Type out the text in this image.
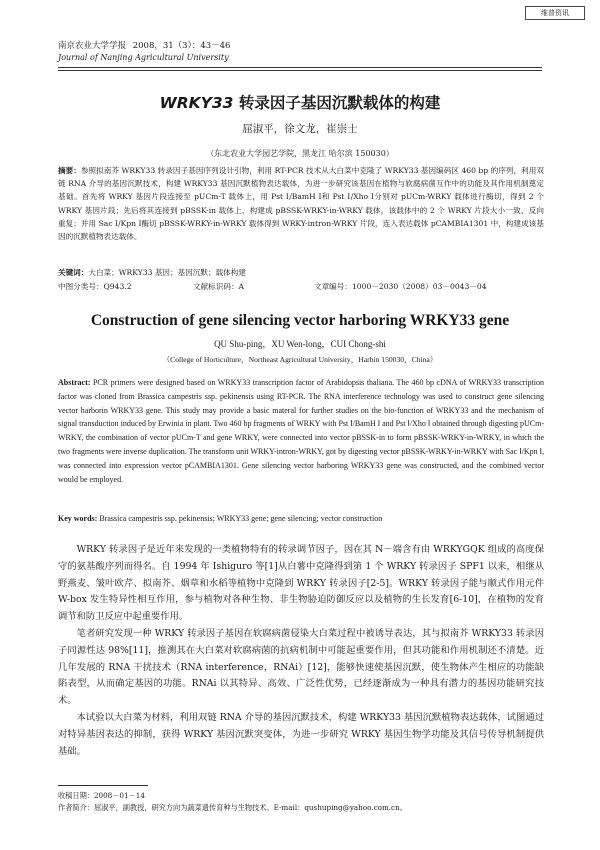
维普资讯
南京农业大学学报 2008，31（3）：43－46
Journal of Nanjing Agricultural University
WRKY33 转录因子基因沉默载体的构建
屈淑平，徐文龙，崔崇士
（东北农业大学园艺学院，黑龙江 哈尔滨 150030）
摘要：参照拟南芥 WRKY33 转录因子基因序列设计引物，利用 RT-PCR 技术从大白菜中克隆了 WRKY33 基因编码区 460 bp 的序列，利用双链 RNA 介导的基因沉默技术，构建 WRKY33 基因沉默植物表达载体，为进一步研究该基因在植物与软腐病菌互作中的功能及其作用机制奠定基础。首先将 WRKY 基因片段连接至 pUCm-T 载体上，用 Pst Ⅰ/BamH Ⅰ和 Pst Ⅰ/Xho Ⅰ分别对 pUCm-WRKY 载体进行酶切，得到 2 个 WRKY 基因片段；先后将其连接到 pBSSK-in 载体上，构建成 pBSSK-WRKY-in-WRKY 载体，该载体中的 2 个 WRKY 片段大小一致、反向重复；并用 Sac Ⅰ/Kpn Ⅰ酶切 pBSSK-WRKY-in-WRKY 载体得到 WRKY-intron-WRKY 片段，连入表达载体 pCAMBIA1301 中，构建成该基因的沉默植物表达载体。
关键词：大白菜；WRKY33 基因；基因沉默；载体构建
中图分类号：Q943.2	文献标识码：A	文章编号：1000－2030（2008）03－0043－04
Construction of gene silencing vector harboring WRKY33 gene
QU Shu-ping，XU Wen-long，CUI Chong-shi
（College of Horticulture，Northeast Agricultural University，Harbin 150030，China）
Abstract: PCR primers were designed based on WRKY33 transcription factor of Arabidopsis thaliana. The 460 bp cDNA of WRKY33 transcription factor was cloned from Brassica campestris ssp. pekinensis using RT-PCR. The RNA interference technology was used to construct gene silencing vector harborin WRKY33 gene. This study may provide a basic materal for further studies on the bio-function of WRKY33 and the mechanism of signal transduction induced by Erwinia in plant. Two 460 bp fragments of WRKY with Pst Ⅰ/BamH Ⅰ and Pst Ⅰ/Xho Ⅰ obtained through digesting pUCm-WRKY, the combination of vector pUCm-T and gene WRKY, were connected into vector pBSSK-in to form pBSSK-WRKY-in-WRKY, in which the two fragments were inverse duplication. The transform unit WRKY-intron-WRKY, got by digesting vector pBSSK-WRKY-in-WRKY with Sac Ⅰ/Kpn Ⅰ, was connected into expression vector pCAMBIA1301. Gene silencing vector harboring WRKY33 gene was constructed, and the combined vector would be employed.
Key words: Brassica campestris ssp. pekinensis; WRKY33 gene; gene silencing; vector construction

WRKY 转录因子是近年来发现的一类植物特有的转录调节因子，因在其 N－端含有由 WRKYGQK 组成的高度保守的氨基酸序列而得名。自 1994 年 Ishiguro 等[1]从白薯中克隆得到第 1 个 WRKY 转录因子 SPF1 以来，相继从野燕麦、皱叶欧芹、拟南芥、烟草和水稻等植物中克隆到 WRKY 转录因子[2-5]。WRKY 转录因子能与顺式作用元件 W-box 发生特异性相互作用，参与植物对各种生物、非生物胁迫防御反应以及植物的生长发育[6-10]，在植物的发育调节和防卫反应中起重要作用。

笔者研究发现一种 WRKY 转录因子基因在软腐病菌侵染大白菜过程中被诱导表达，其与拟南芥 WRKY33 转录因子同源性达 98%[11]，推测其在大白菜对软腐病菌的抗病机制中可能起重要作用，但其功能和作用机制还不清楚。近几年发展的 RNA 干扰技术（RNA interference，RNAi）[12]，能够快速使基因沉默，使生物体产生相应的功能缺陷表型，从而确定基因的功能。RNAi 以其特异、高效、广泛性优势，已经逐渐成为一种具有潜力的基因功能研究技术。

本试验以大白菜为材料，利用双链 RNA 介导的基因沉默技术，构建 WRKY33 基因沉默植物表达载体，试图通过对特异基因表达的抑制，获得 WRKY 基因沉默突变体，为进一步研究 WRKY 基因生物学功能及其信号传导机制提供基础。

收稿日期：2008－01－14
作者简介：屈淑平，副教授，研究方向为蔬菜遗传育种与生物技术。E-mail：qushuping@yahoo.com.cn。
